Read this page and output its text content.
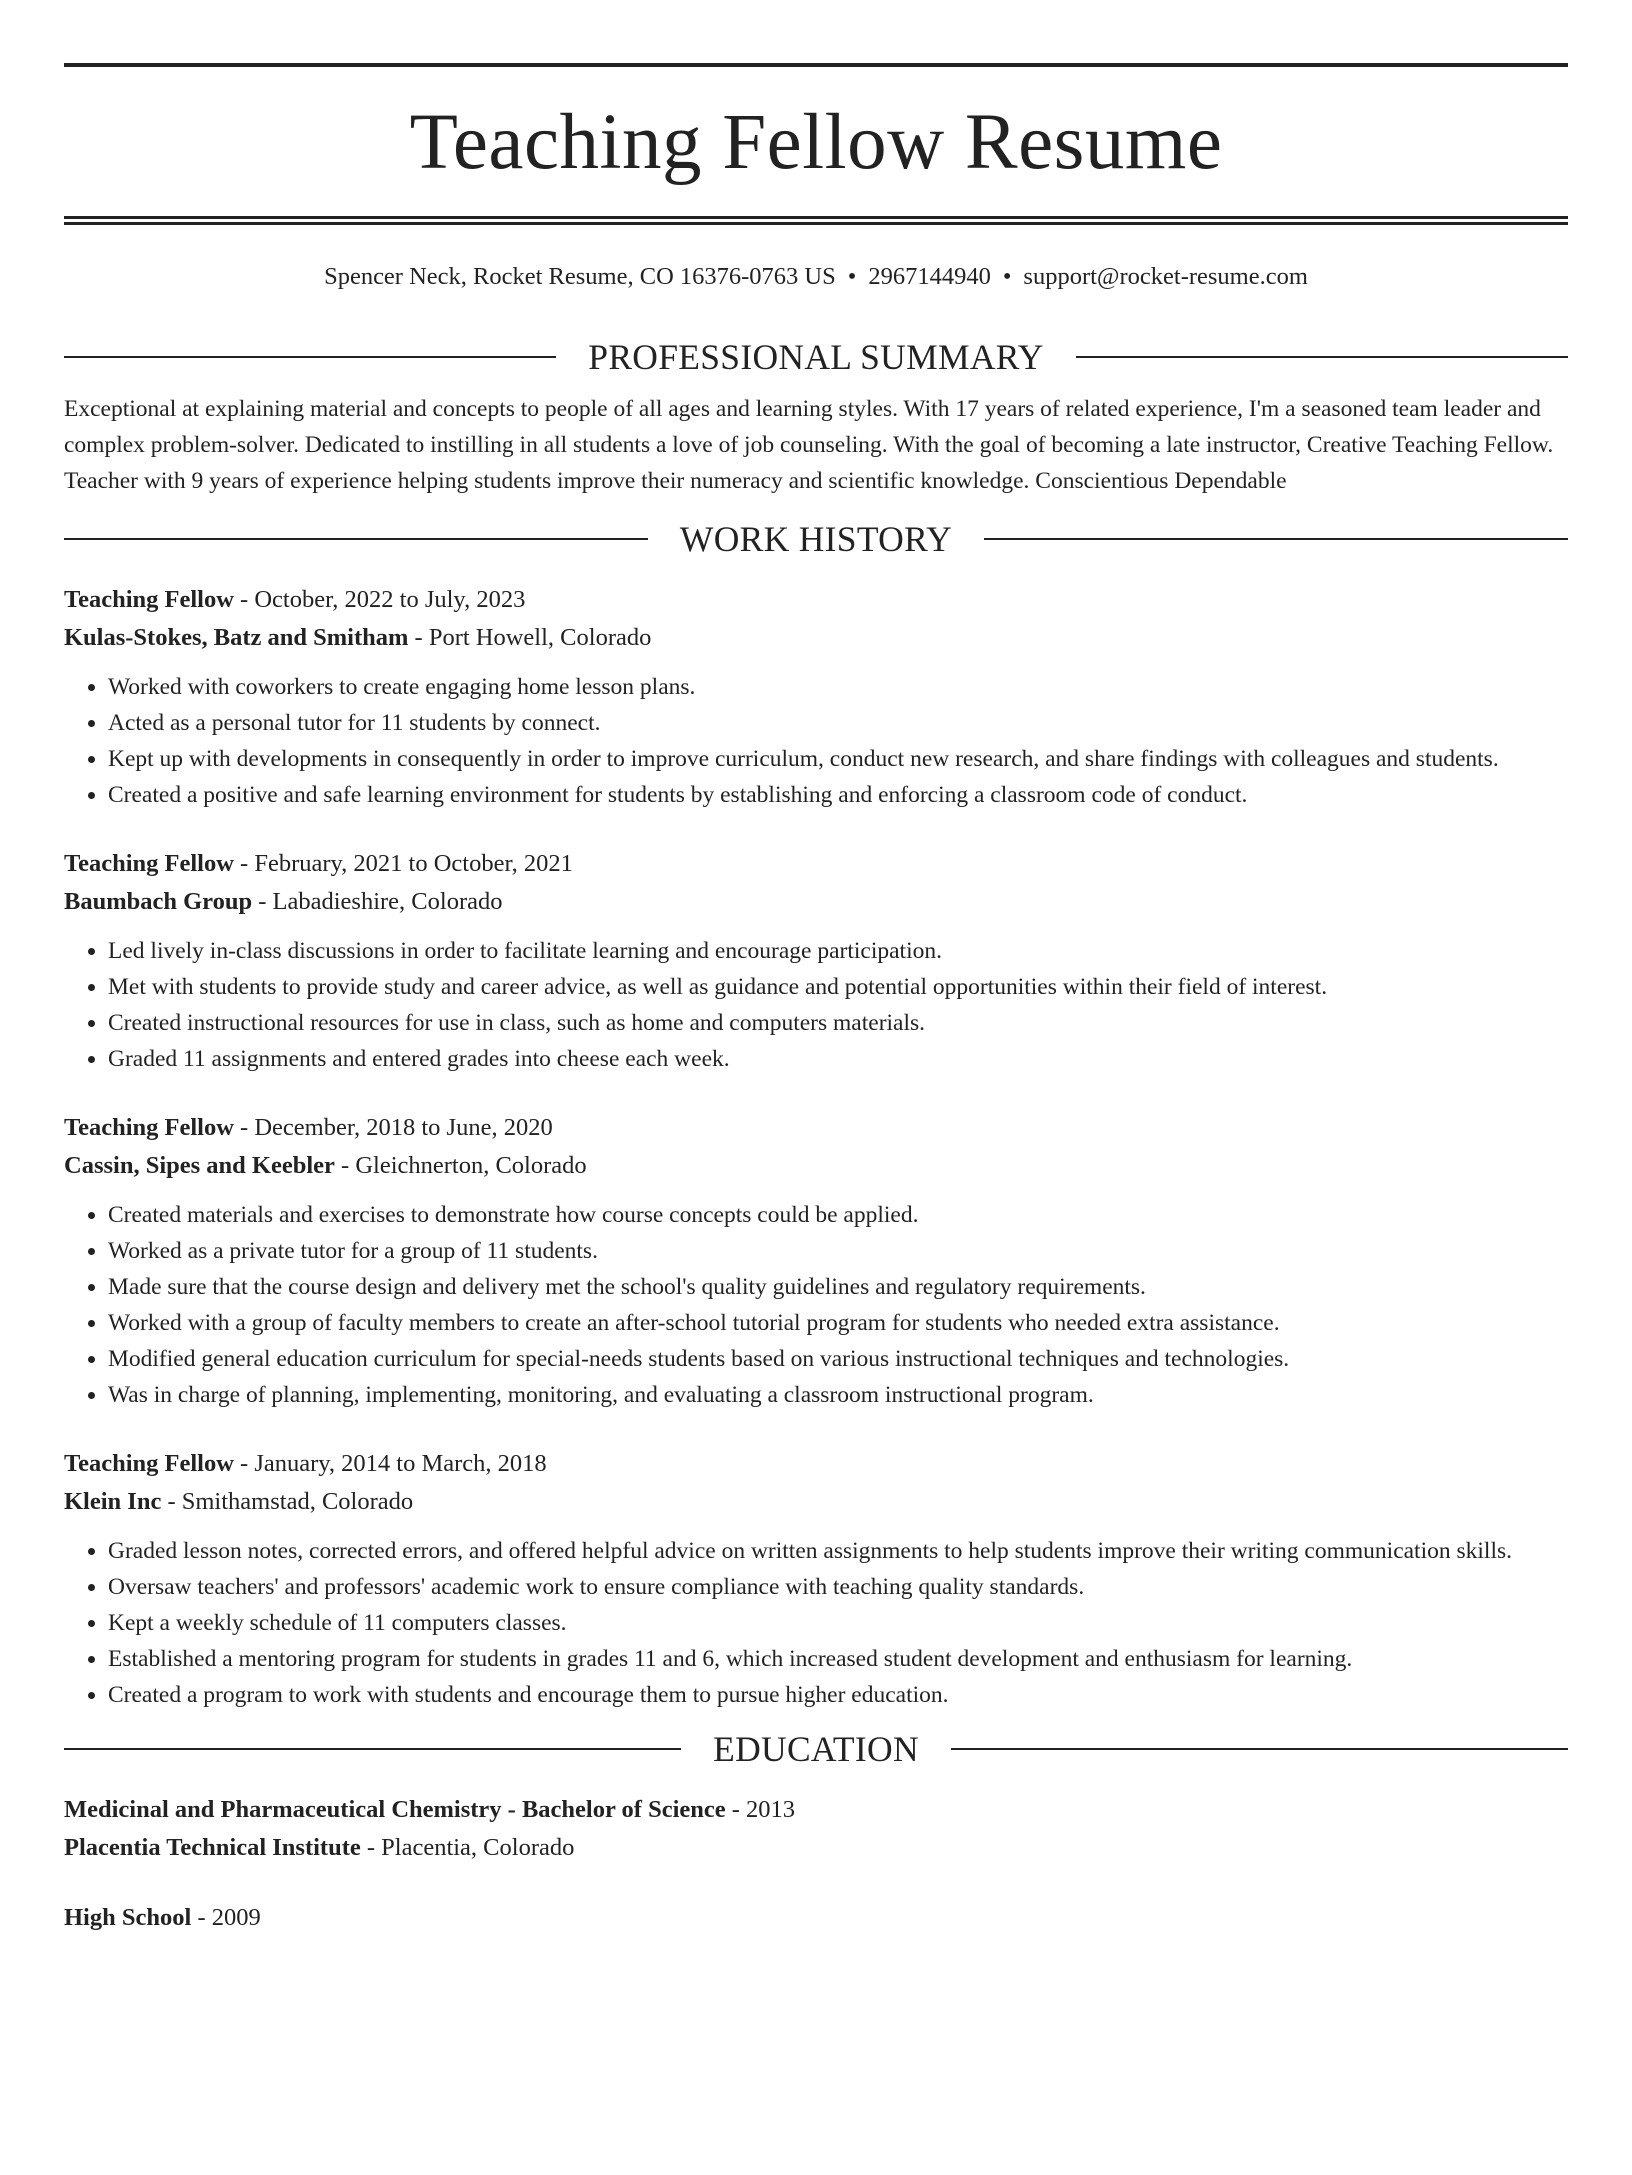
Teaching Fellow Resume
Spencer Neck, Rocket Resume, CO 16376-0763 US • 2967144940 • support@rocket-resume.com
PROFESSIONAL SUMMARY

Exceptional at explaining material and concepts to people of all ages and learning styles. With 17 years of related experience, I'm a seasoned team leader and complex problem-solver. Dedicated to instilling in all students a love of job counseling. With the goal of becoming a late instructor, Creative Teaching Fellow. Teacher with 9 years of experience helping students improve their numeracy and scientific knowledge. Conscientious Dependable

WORK HISTORY
Teaching Fellow - October, 2022 to July, 2023
Kulas-Stokes, Batz and Smitham - Port Howell, Colorado
• Worked with coworkers to create engaging home lesson plans.
• Acted as a personal tutor for 11 students by connect.
• Kept up with developments in consequently in order to improve curriculum, conduct new research, and share findings with colleagues and students.
• Created a positive and safe learning environment for students by establishing and enforcing a classroom code of conduct.
Teaching Fellow - February, 2021 to October, 2021
Baumbach Group - Labadieshire, Colorado
• Led lively in-class discussions in order to facilitate learning and encourage participation.
• Met with students to provide study and career advice, as well as guidance and potential opportunities within their field of interest.
• Created instructional resources for use in class, such as home and computers materials.
• Graded 11 assignments and entered grades into cheese each week.
Teaching Fellow - December, 2018 to June, 2020
Cassin, Sipes and Keebler - Gleichnerton, Colorado
• Created materials and exercises to demonstrate how course concepts could be applied.
• Worked as a private tutor for a group of 11 students.
• Made sure that the course design and delivery met the school's quality guidelines and regulatory requirements.
• Worked with a group of faculty members to create an after-school tutorial program for students who needed extra assistance.
• Modified general education curriculum for special-needs students based on various instructional techniques and technologies.
• Was in charge of planning, implementing, monitoring, and evaluating a classroom instructional program.
Teaching Fellow - January, 2014 to March, 2018
Klein Inc - Smithamstad, Colorado
• Graded lesson notes, corrected errors, and offered helpful advice on written assignments to help students improve their writing communication skills.
• Oversaw teachers' and professors' academic work to ensure compliance with teaching quality standards.
• Kept a weekly schedule of 11 computers classes.
• Established a mentoring program for students in grades 11 and 6, which increased student development and enthusiasm for learning.
• Created a program to work with students and encourage them to pursue higher education.
EDUCATION
Medicinal and Pharmaceutical Chemistry - Bachelor of Science - 2013
Placentia Technical Institute - Placentia, Colorado
High School - 2009
